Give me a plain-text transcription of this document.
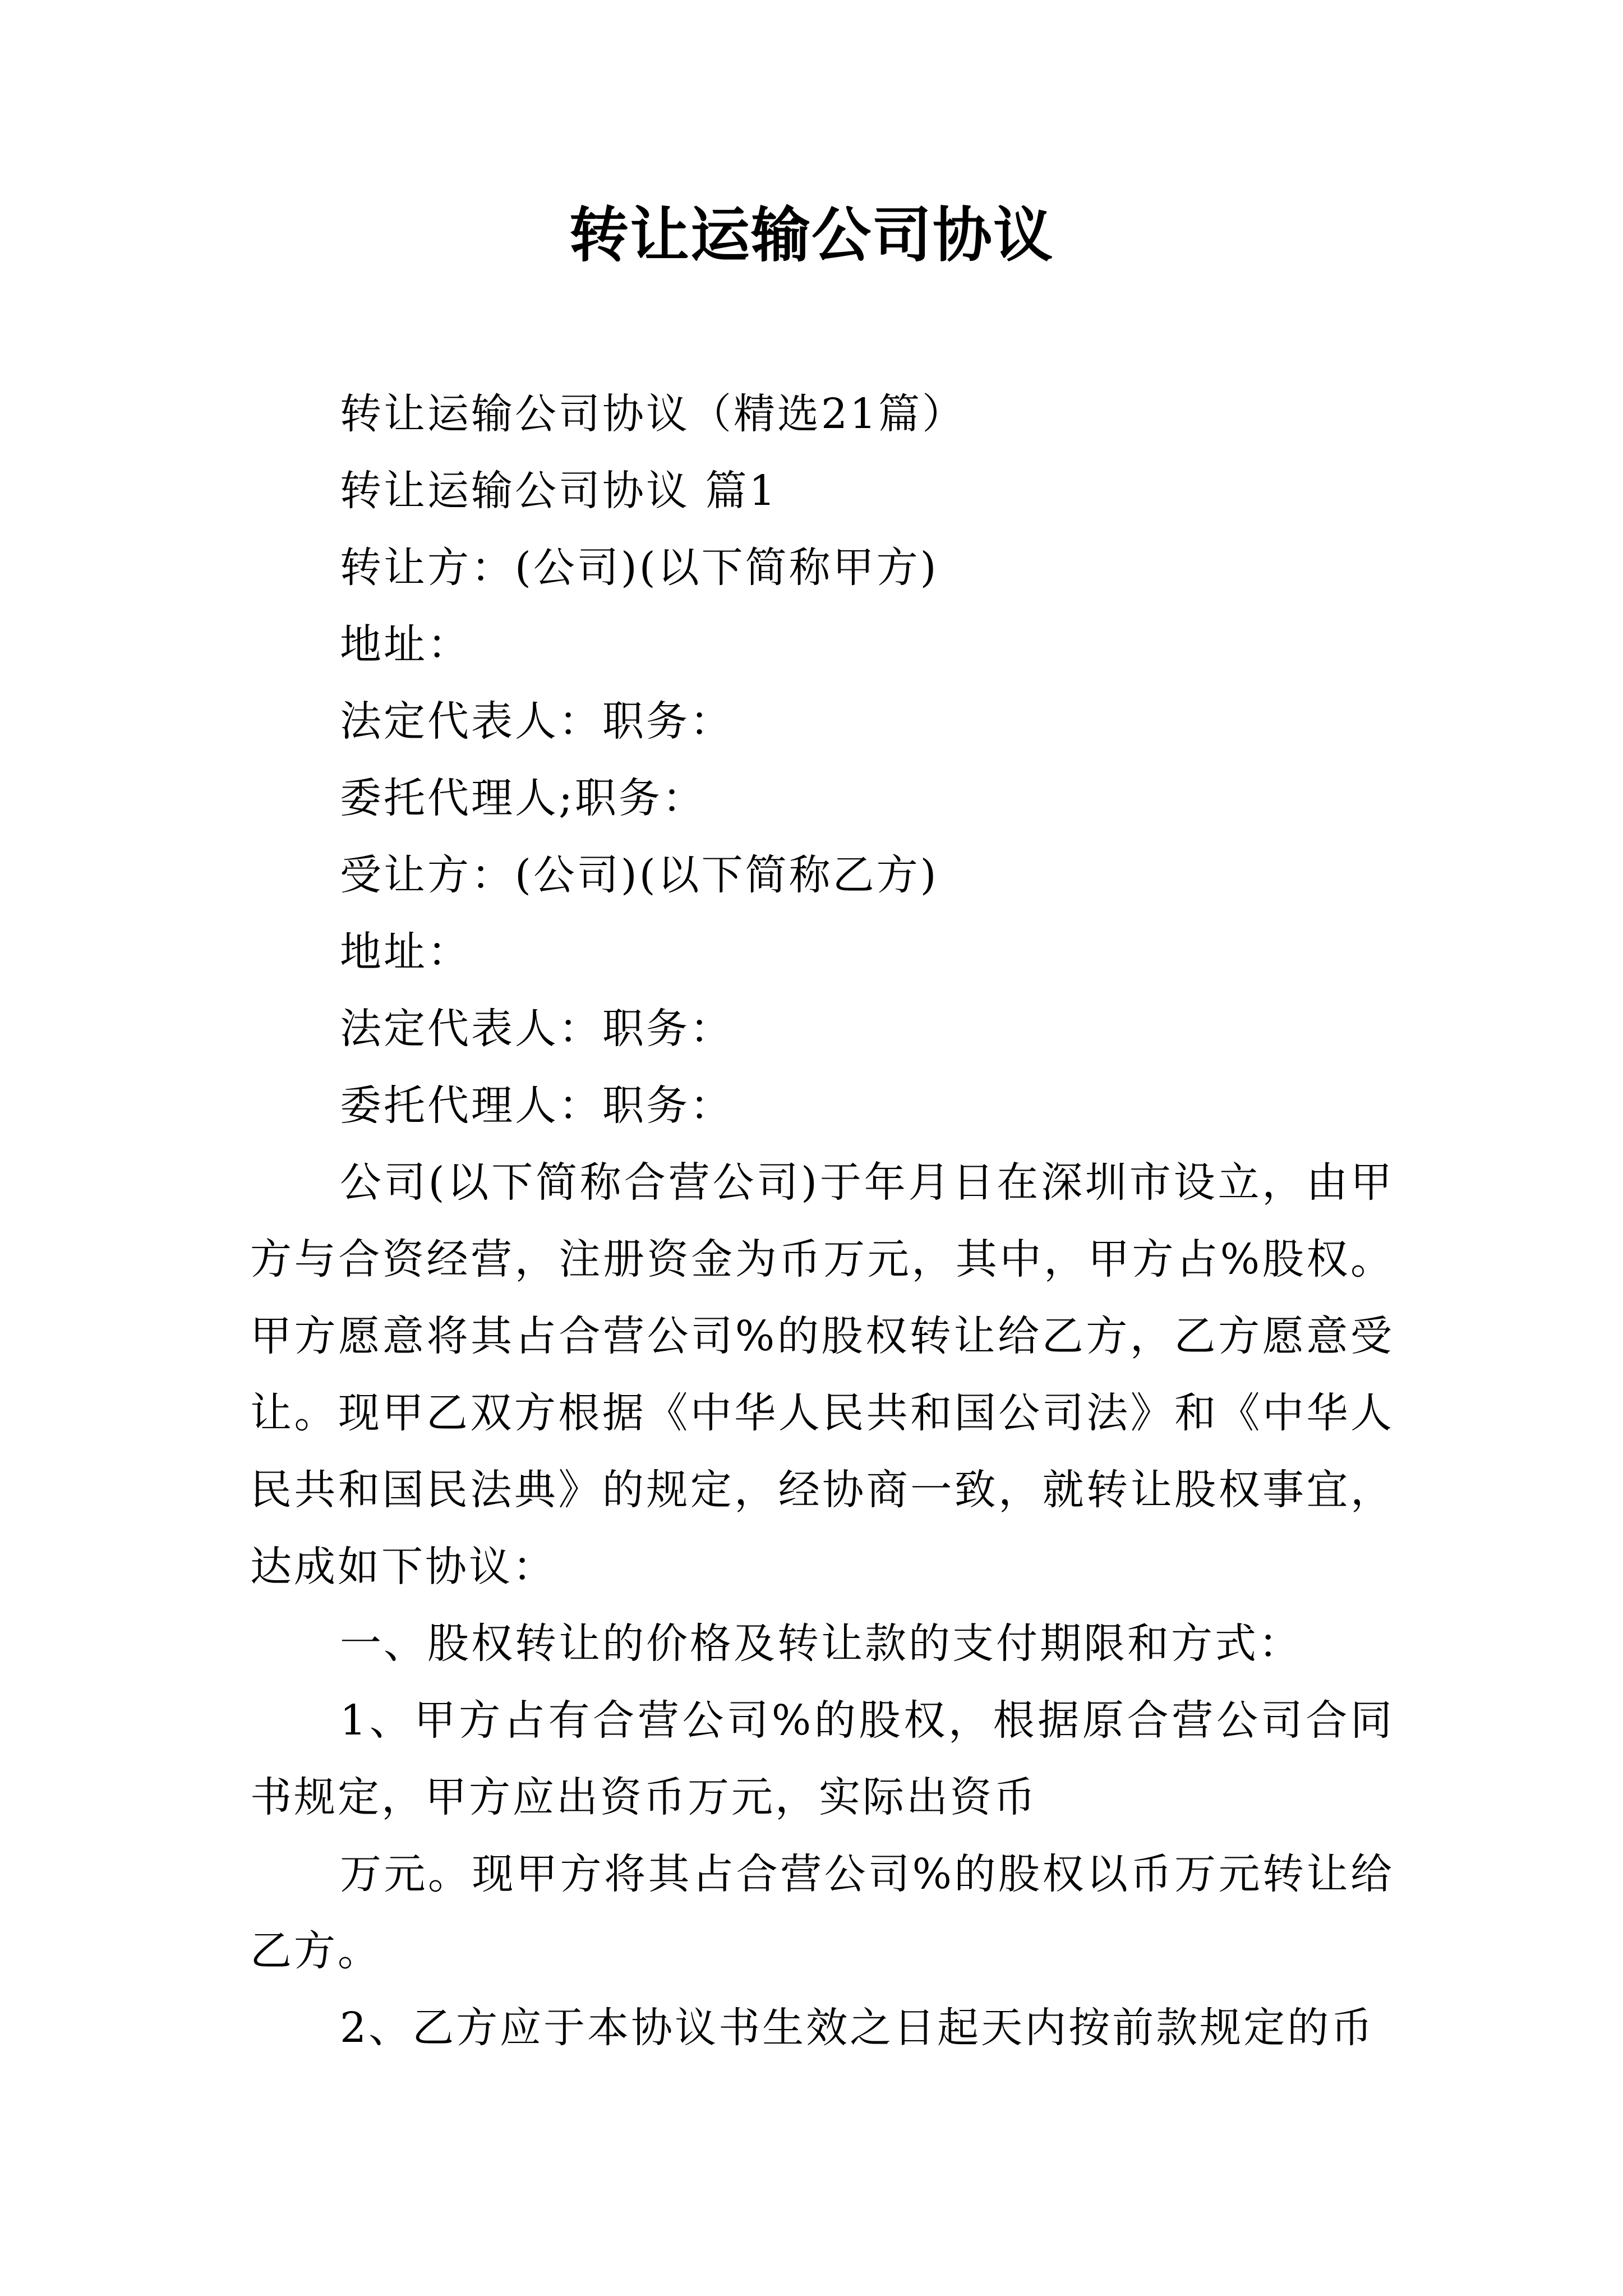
转让运输公司协议
转让运输公司协议（精选21篇）
转让运输公司协议 篇1
转让方：(公司)(以下简称甲方)
地址：
法定代表人：职务：
委托代理人;职务：
受让方：(公司)(以下简称乙方)
地址：
法定代表人：职务：
委托代理人：职务：

公司(以下简称合营公司)于年月日在深圳市设立，由甲方与合资经营，注册资金为币万元，其中，甲方占%股权。甲方愿意将其占合营公司%的股权转让给乙方，乙方愿意受让。现甲乙双方根据《中华人民共和国公司法》和《中华人民共和国民法典》的规定，经协商一致，就转让股权事宜，达成如下协议：

一、股权转让的价格及转让款的支付期限和方式：

1、甲方占有合营公司%的股权，根据原合营公司合同书规定，甲方应出资币万元，实际出资币

万元。现甲方将其占合营公司%的股权以币万元转让给乙方。

2、乙方应于本协议书生效之日起天内按前款规定的币
